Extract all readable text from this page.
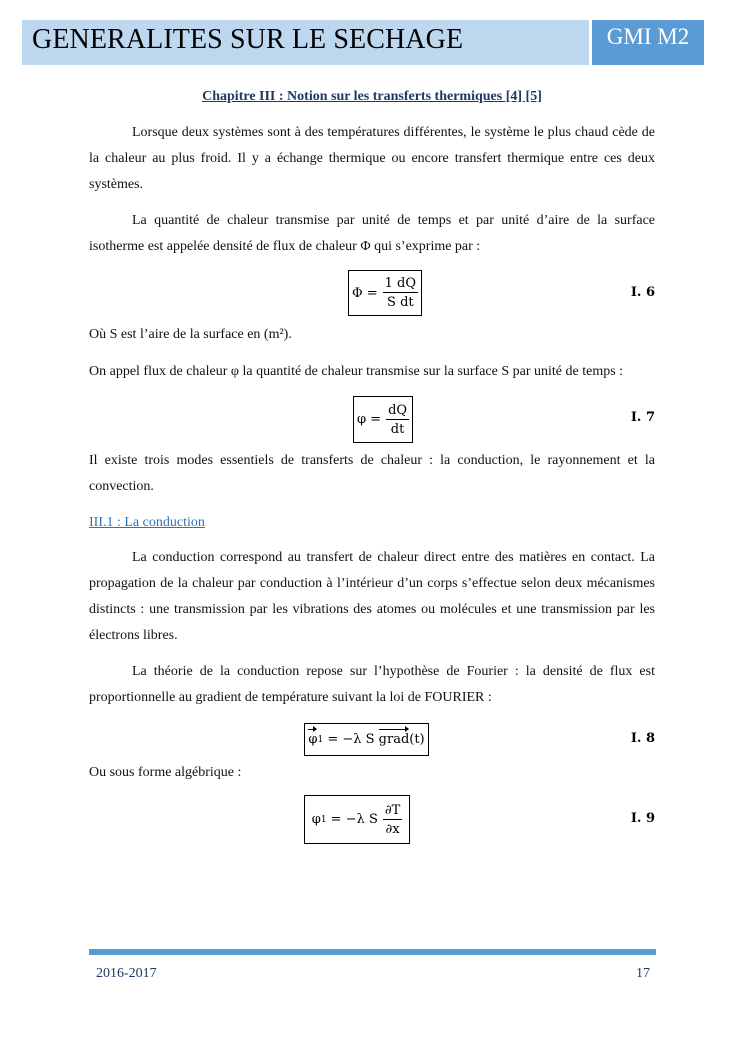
GENERALITES SUR LE SECHAGE	GMI M2
Chapitre III : Notion sur les transferts thermiques [4] [5]

Lorsque deux systèmes sont à des températures différentes, le système le plus chaud cède de la chaleur au plus froid. Il y a échange thermique ou encore transfert thermique entre ces deux systèmes.

La quantité de chaleur transmise par unité de temps et par unité d’aire de la surface isotherme est appelée densité de flux de chaleur Φ qui s’exprime par :

$\Phi = \frac{1 dQ}{\text{S dt}}$	I. 6

Où S est l’aire de la surface en (m²).

On appel flux de chaleur φ la quantité de chaleur transmise sur la surface S par unité de temps :

$\varphi = \frac{dQ}{dt}$	I. 7

Il existe trois modes essentiels de transferts de chaleur : la conduction, le rayonnement et la convection.

III.1 : La conduction

La conduction correspond au transfert de chaleur direct entre des matières en contact. La propagation de la chaleur par conduction à l’intérieur d’un corps s’effectue selon deux mécanismes distincts : une transmission par les vibrations des atomes ou molécules et une transmission par les électrons libres.

La théorie de la conduction repose sur l’hypothèse de Fourier : la densité de flux est proportionnelle au gradient de température suivant la loi de FOURIER :

φ 1 = −λ S grad (t)	I. 8

Ou sous forme algébrique :

φ 1 = −λ S $\frac{\partial T}{\partial x}$	I. 9
2016-2017	17
